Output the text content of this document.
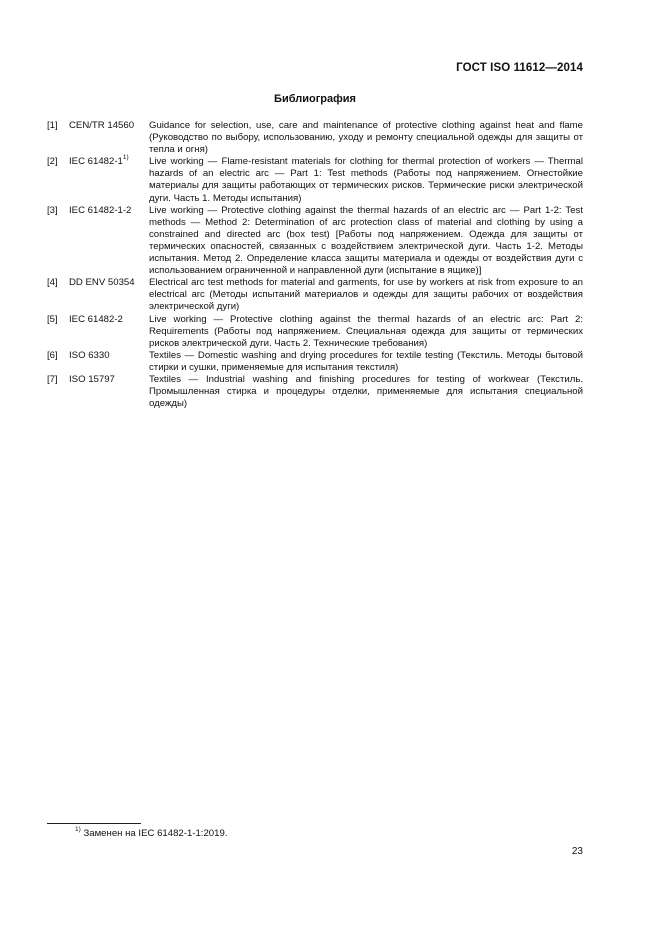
ГОСТ ISO 11612—2014
Библиография
[1]	CEN/TR 14560	Guidance for selection, use, care and maintenance of protective clothing against heat and flame (Руководство по выбору, использованию, уходу и ремонту специальной одежды для защиты от тепла и огня)
[2]	IEC 61482-1$^{1)}$	Live working — Flame-resistant materials for clothing for thermal protection of workers — Thermal hazards of an electric arc — Part 1: Test methods (Работы под напряжением. Огнестойкие материалы для защиты работающих от термических рисков. Термические риски электрической дуги. Часть 1. Методы испытания)
[3]	IEC 61482-1-2	Live working — Protective clothing against the thermal hazards of an electric arc — Part 1-2: Test methods — Method 2: Determination of arc protection class of material and clothing by using a constrained and directed arc (box test) [Работы под напряжением. Одежда для защиты от термических опасностей, связанных с воздействием электрической дуги. Часть 1-2. Методы испытания. Метод 2. Определение класса защиты материала и одежды от воздействия дуги с использованием ограниченной и направленной дуги (испытание в ящике)]
[4]	DD ENV 50354	Electrical arc test methods for material and garments, for use by workers at risk from exposure to an electrical arc (Методы испытаний материалов и одежды для защиты рабочих от воздействия электрической дуги)
[5]	IEC 61482-2	Live working — Protective clothing against the thermal hazards of an electric arc: Part 2: Requirements (Работы под напряжением. Специальная одежда для защиты от термических рисков электрической дуги. Часть 2. Технические требования)
[6]	ISO 6330	Textiles — Domestic washing and drying procedures for textile testing (Текстиль. Методы бытовой стирки и сушки, применяемые для испытания текстиля)
[7]	ISO 15797	Textiles — Industrial washing and finishing procedures for testing of workwear (Текстиль. Промышленная стирка и процедуры отделки, применяемые для испытания специальной одежды)
$^{1)}$ Заменен на IEC 61482-1-1:2019.
23
